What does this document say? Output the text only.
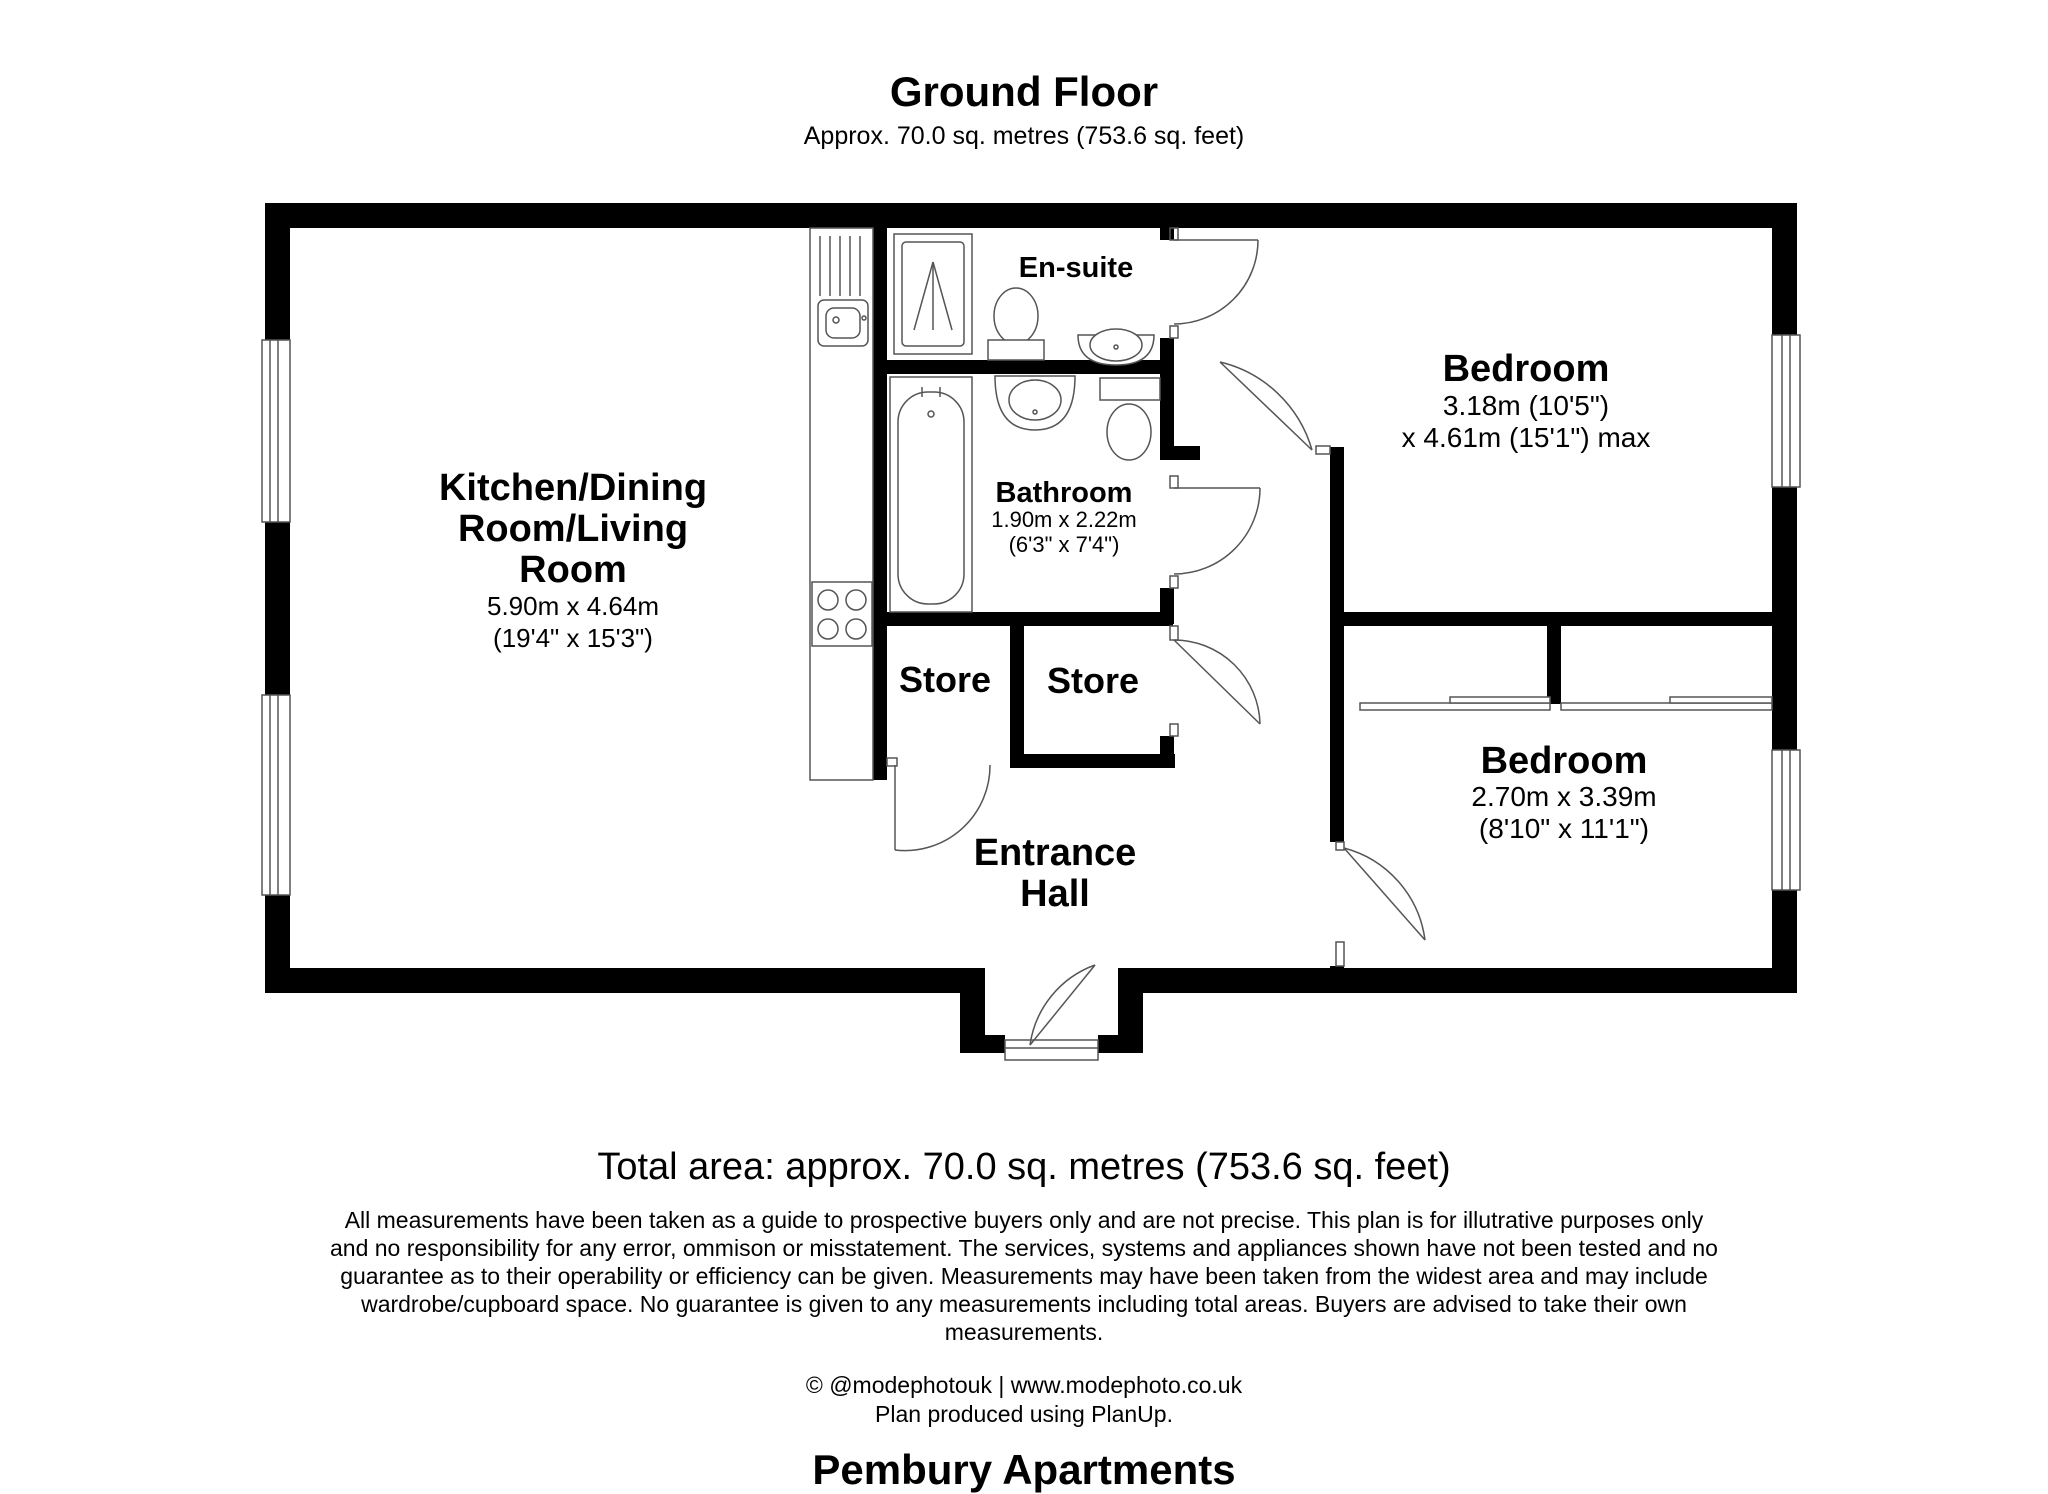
Ground Floor
Approx. 70.0 sq. metres (753.6 sq. feet)
Kitchen/Dining
Room/Living
Room
5.90m x 4.64m
(19'4" x 15'3")
En-suite
Bathroom
1.90m x 2.22m
(6'3" x 7'4")
Bedroom
3.18m (10'5")
x 4.61m (15'1") max
Bedroom
2.70m x 3.39m
(8'10" x 11'1")
Store Store
Entrance
Hall
Total area: approx. 70.0 sq. metres (753.6 sq. feet)
All measurements have been taken as a guide to prospective buyers only and are not precise. This plan is for illutrative purposes only and no responsibility for any error, ommison or misstatement. The services, systems and appliances shown have not been tested and no guarantee as to their operability or efficiency can be given. Measurements may have been taken from the widest area and may include wardrobe/cupboard space. No guarantee is given to any measurements including total areas. Buyers are advised to take their own measurements.
© @modephotouk | www.modephoto.co.uk
Plan produced using PlanUp.
Pembury Apartments
